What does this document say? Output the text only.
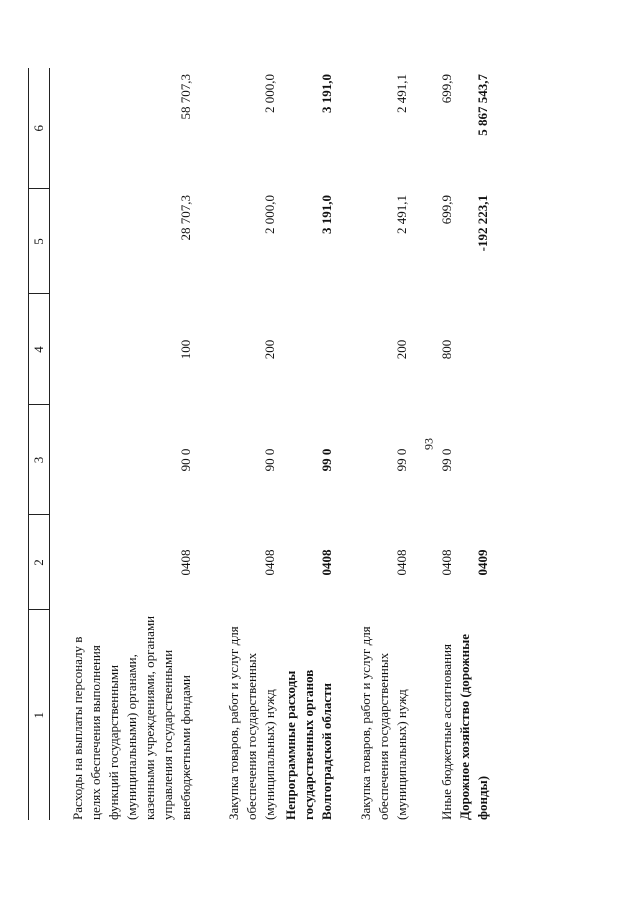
93
1	2	3	4	5	6
Расходы на выплаты персоналу в целях обеспечения выполнения функций государственными (муниципальными) органами, казенными учреждениями, органами управления государственными внебюджетными фондами	0408	90 0	100	28 707,3	58 707,3
Закупка товаров, работ и услуг для обеспечения государственных (муниципальных) нужд	0408	90 0	200	2 000,0	2 000,0
Непрограммные расходы государственных органов Волгоградской области	0408	99 0		3 191,0	3 191,0
Закупка товаров, работ и услуг для обеспечения государственных (муниципальных) нужд	0408	99 0	200	2 491,1	2 491,1
Иные бюджетные ассигнования	0408	99 0	800	699,9	699,9
Дорожное хозяйство (дорожные фонды)	0409			-192 223,1	5 867 543,7
